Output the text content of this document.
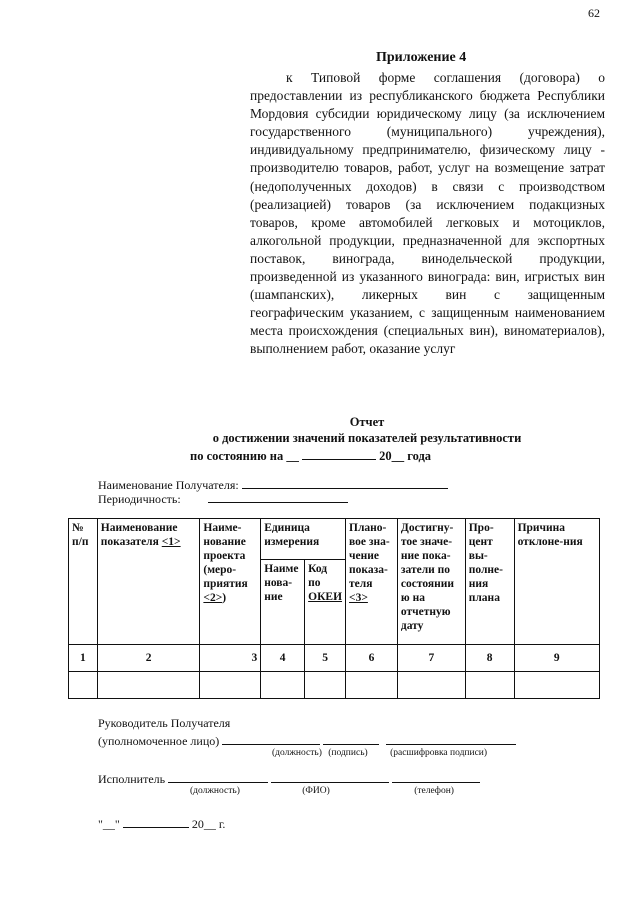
62
Приложение 4
к Типовой форме соглашения (договора) о предоставлении из республиканского бюджета Республики Мордовия субсидии юридическому лицу (за исключением государственного (муниципального) учреждения), индивидуальному предпринимателю, физическому лицу - производителю товаров, работ, услуг на возмещение затрат (недополученных доходов) в связи с производством (реализацией) товаров (за исключением подакцизных товаров, кроме автомобилей легковых и мотоциклов, алкогольной продукции, предназначенной для экспортных поставок, винограда, винодельческой продукции, произведенной из указанного винограда: вин, игристых вин (шампанских), ликерных вин с защищенным географическим указанием, с защищенным наименованием места происхождения (специальных вин), виноматериалов), выполнением работ, оказание услуг
Отчет
о достижении значений показателей результативности
по состоянию на __	20__ года
Наименование Получателя:
Периодичность:
№ п/п	Наименование показателя <1>	Наиме-нование проекта (меро-приятия <2>)	Единица измерения		Плано-вое зна-чение показа-теля <3>	Достигну-тое значе-ние пока-затели по состоянии ю на отчетную дату	Про-цент вы-полне-ния плана	Причина отклоне-ния
			Наиме нова-ние	Код по ОКЕИ				
1	2	3	4	5	6	7	8	9

Руководитель Получателя
(уполномоченное лицо)
(должность) (подпись) (расшифровка подписи)
Исполнитель
(должность)	(ФИО)	(телефон)
"__"	20__ г.
